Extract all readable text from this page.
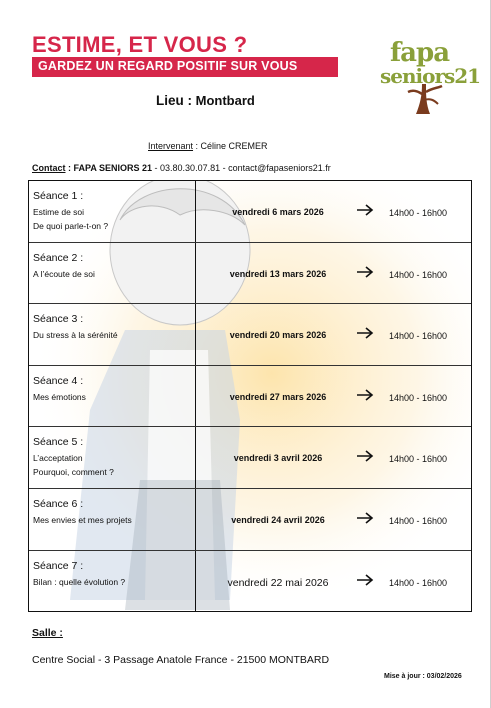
ESTIME, ET VOUS ?
GARDEZ UN REGARD POSITIF SUR VOUS	fapa
seniors21
Lieu : Montbard
Intervenant : Céline CREMER
Contact : FAPA SENIORS 21 - 03.80.30.07.81 - contact@fapaseniors21.fr
Séance 1 :
Estime de soi
De quoi parle-t-on ?
vendredi 6 mars 2026	14h00 - 16h00
Séance 2 :
A l’écoute de soi	vendredi 13 mars 2026	14h00 - 16h00
Séance 3 :
Du stress à la sérénité	vendredi 20 mars 2026	14h00 - 16h00
Séance 4 :
Mes émotions	vendredi 27 mars 2026	14h00 - 16h00
Séance 5 :
L’acceptation
Pourquoi, comment ?
vendredi 3 avril 2026	14h00 - 16h00
Séance 6 :
Mes envies et mes projets	vendredi 24 avril 2026	14h00 - 16h00
Séance 7 :
Bilan : quelle évolution ?	vendredi 22 mai 2026	14h00 - 16h00
Salle :
Centre Social - 3 Passage Anatole France - 21500 MONTBARD
Mise à jour : 03/02/2026
